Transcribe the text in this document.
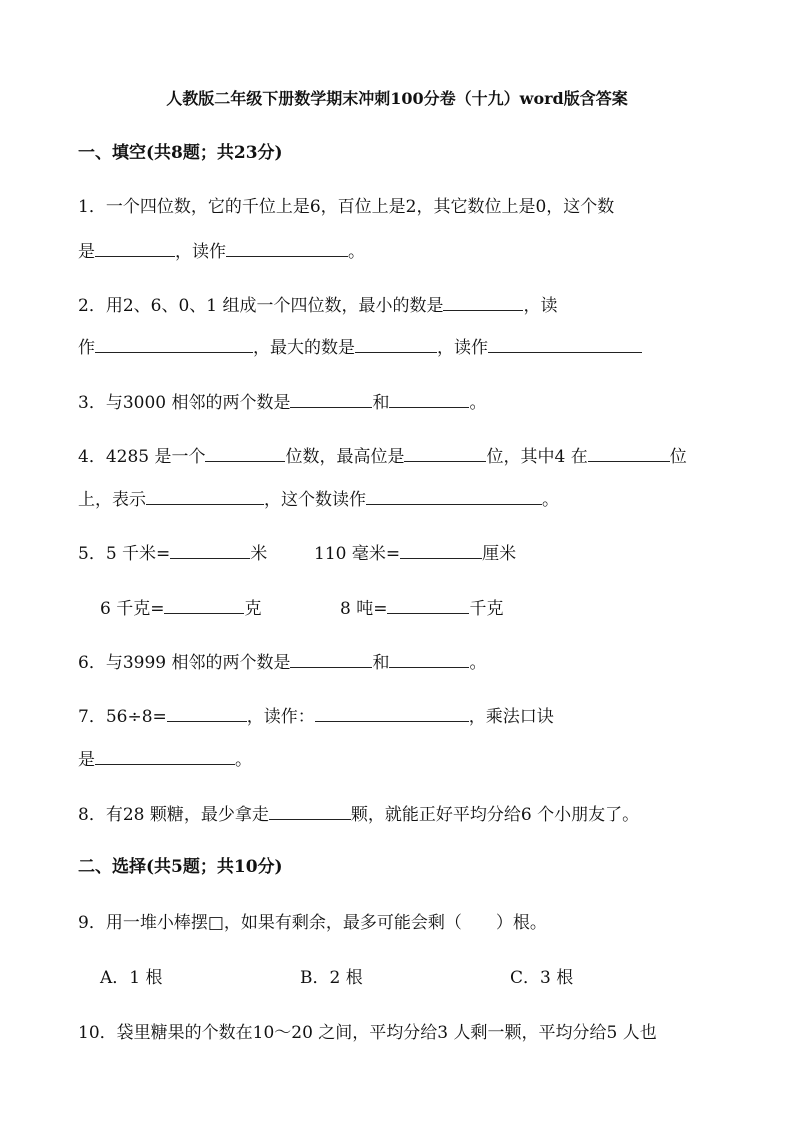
人教版二年级下册数学期末冲刺100分卷（十九）word版含答案
一、填空(共8题；共23分)
1．一个四位数，它的千位上是6，百位上是2，其它数位上是0，这个数
是	，读作	。
2．用2、6、0、1 组成一个四位数，最小的数是	，读
作	，最大的数是	，读作
3．与3000 相邻的两个数是	和	。
4．4285 是一个	位数，最高位是	位，其中4 在	位
上，表示	，这个数读作	。
5．5 千米=	米	110 毫米=	厘米
6 千克=	克	8 吨=	千克
6．与3999 相邻的两个数是	和	。
7．56÷8=	，读作：	，乘法口诀
是	。
8．有28 颗糖，最少拿走	颗，就能正好平均分给6 个小朋友了。
二、选择(共5题；共10分)
9．用一堆小棒摆□，如果有剩余，最多可能会剩（　　）根。
A．1 根	B．2 根	C．3 根
10．袋里糖果的个数在10～20 之间，平均分给3 人剩一颗，平均分给5 人也
